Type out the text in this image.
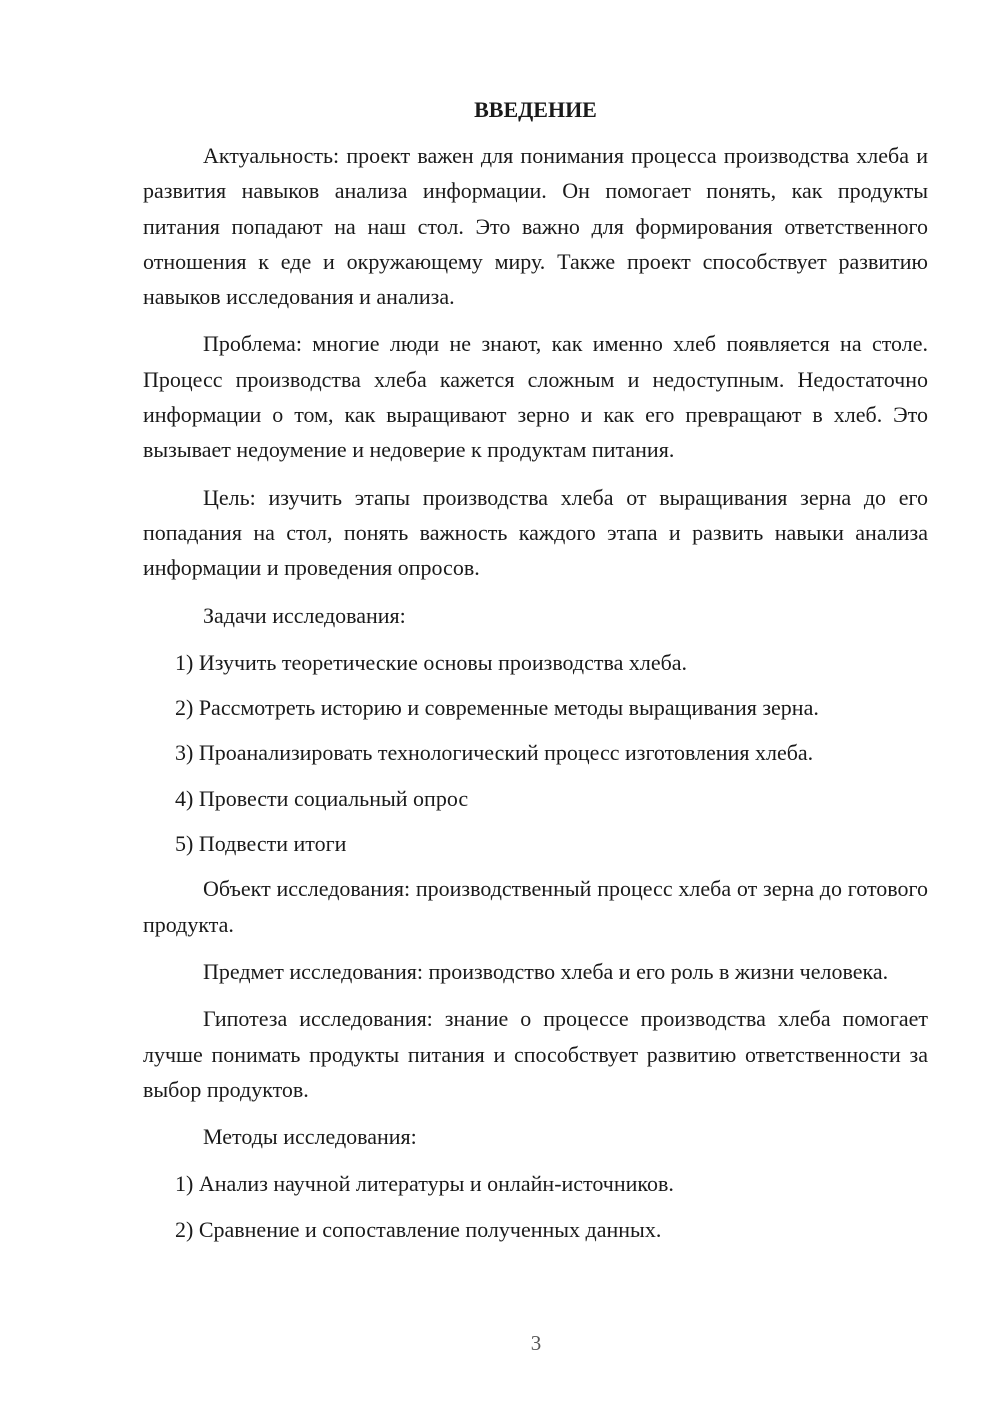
ВВЕДЕНИЕ

Актуальность: проект важен для понимания процесса производства хлеба и развития навыков анализа информации. Он помогает понять, как продукты питания попадают на наш стол. Это важно для формирования ответственного отношения к еде и окружающему миру. Также проект способствует развитию навыков исследования и анализа.

Проблема: многие люди не знают, как именно хлеб появляется на столе. Процесс производства хлеба кажется сложным и недоступным. Недостаточно информации о том, как выращивают зерно и как его превращают в хлеб. Это вызывает недоумение и недоверие к продуктам питания.

Цель: изучить этапы производства хлеба от выращивания зерна до его попадания на стол, понять важность каждого этапа и развить навыки анализа информации и проведения опросов.

Задачи исследования:

1) Изучить теоретические основы производства хлеба.
2) Рассмотреть историю и современные методы выращивания зерна.
3) Проанализировать технологический процесс изготовления хлеба.
4) Провести социальный опрос
5) Подвести итоги

Объект исследования: производственный процесс хлеба от зерна до готового продукта.

Предмет исследования: производство хлеба и его роль в жизни человека.

Гипотеза исследования: знание о процессе производства хлеба помогает лучше понимать продукты питания и способствует развитию ответственности за выбор продуктов.

Методы исследования:

1) Анализ научной литературы и онлайн-источников.
2) Сравнение и сопоставление полученных данных.
3
